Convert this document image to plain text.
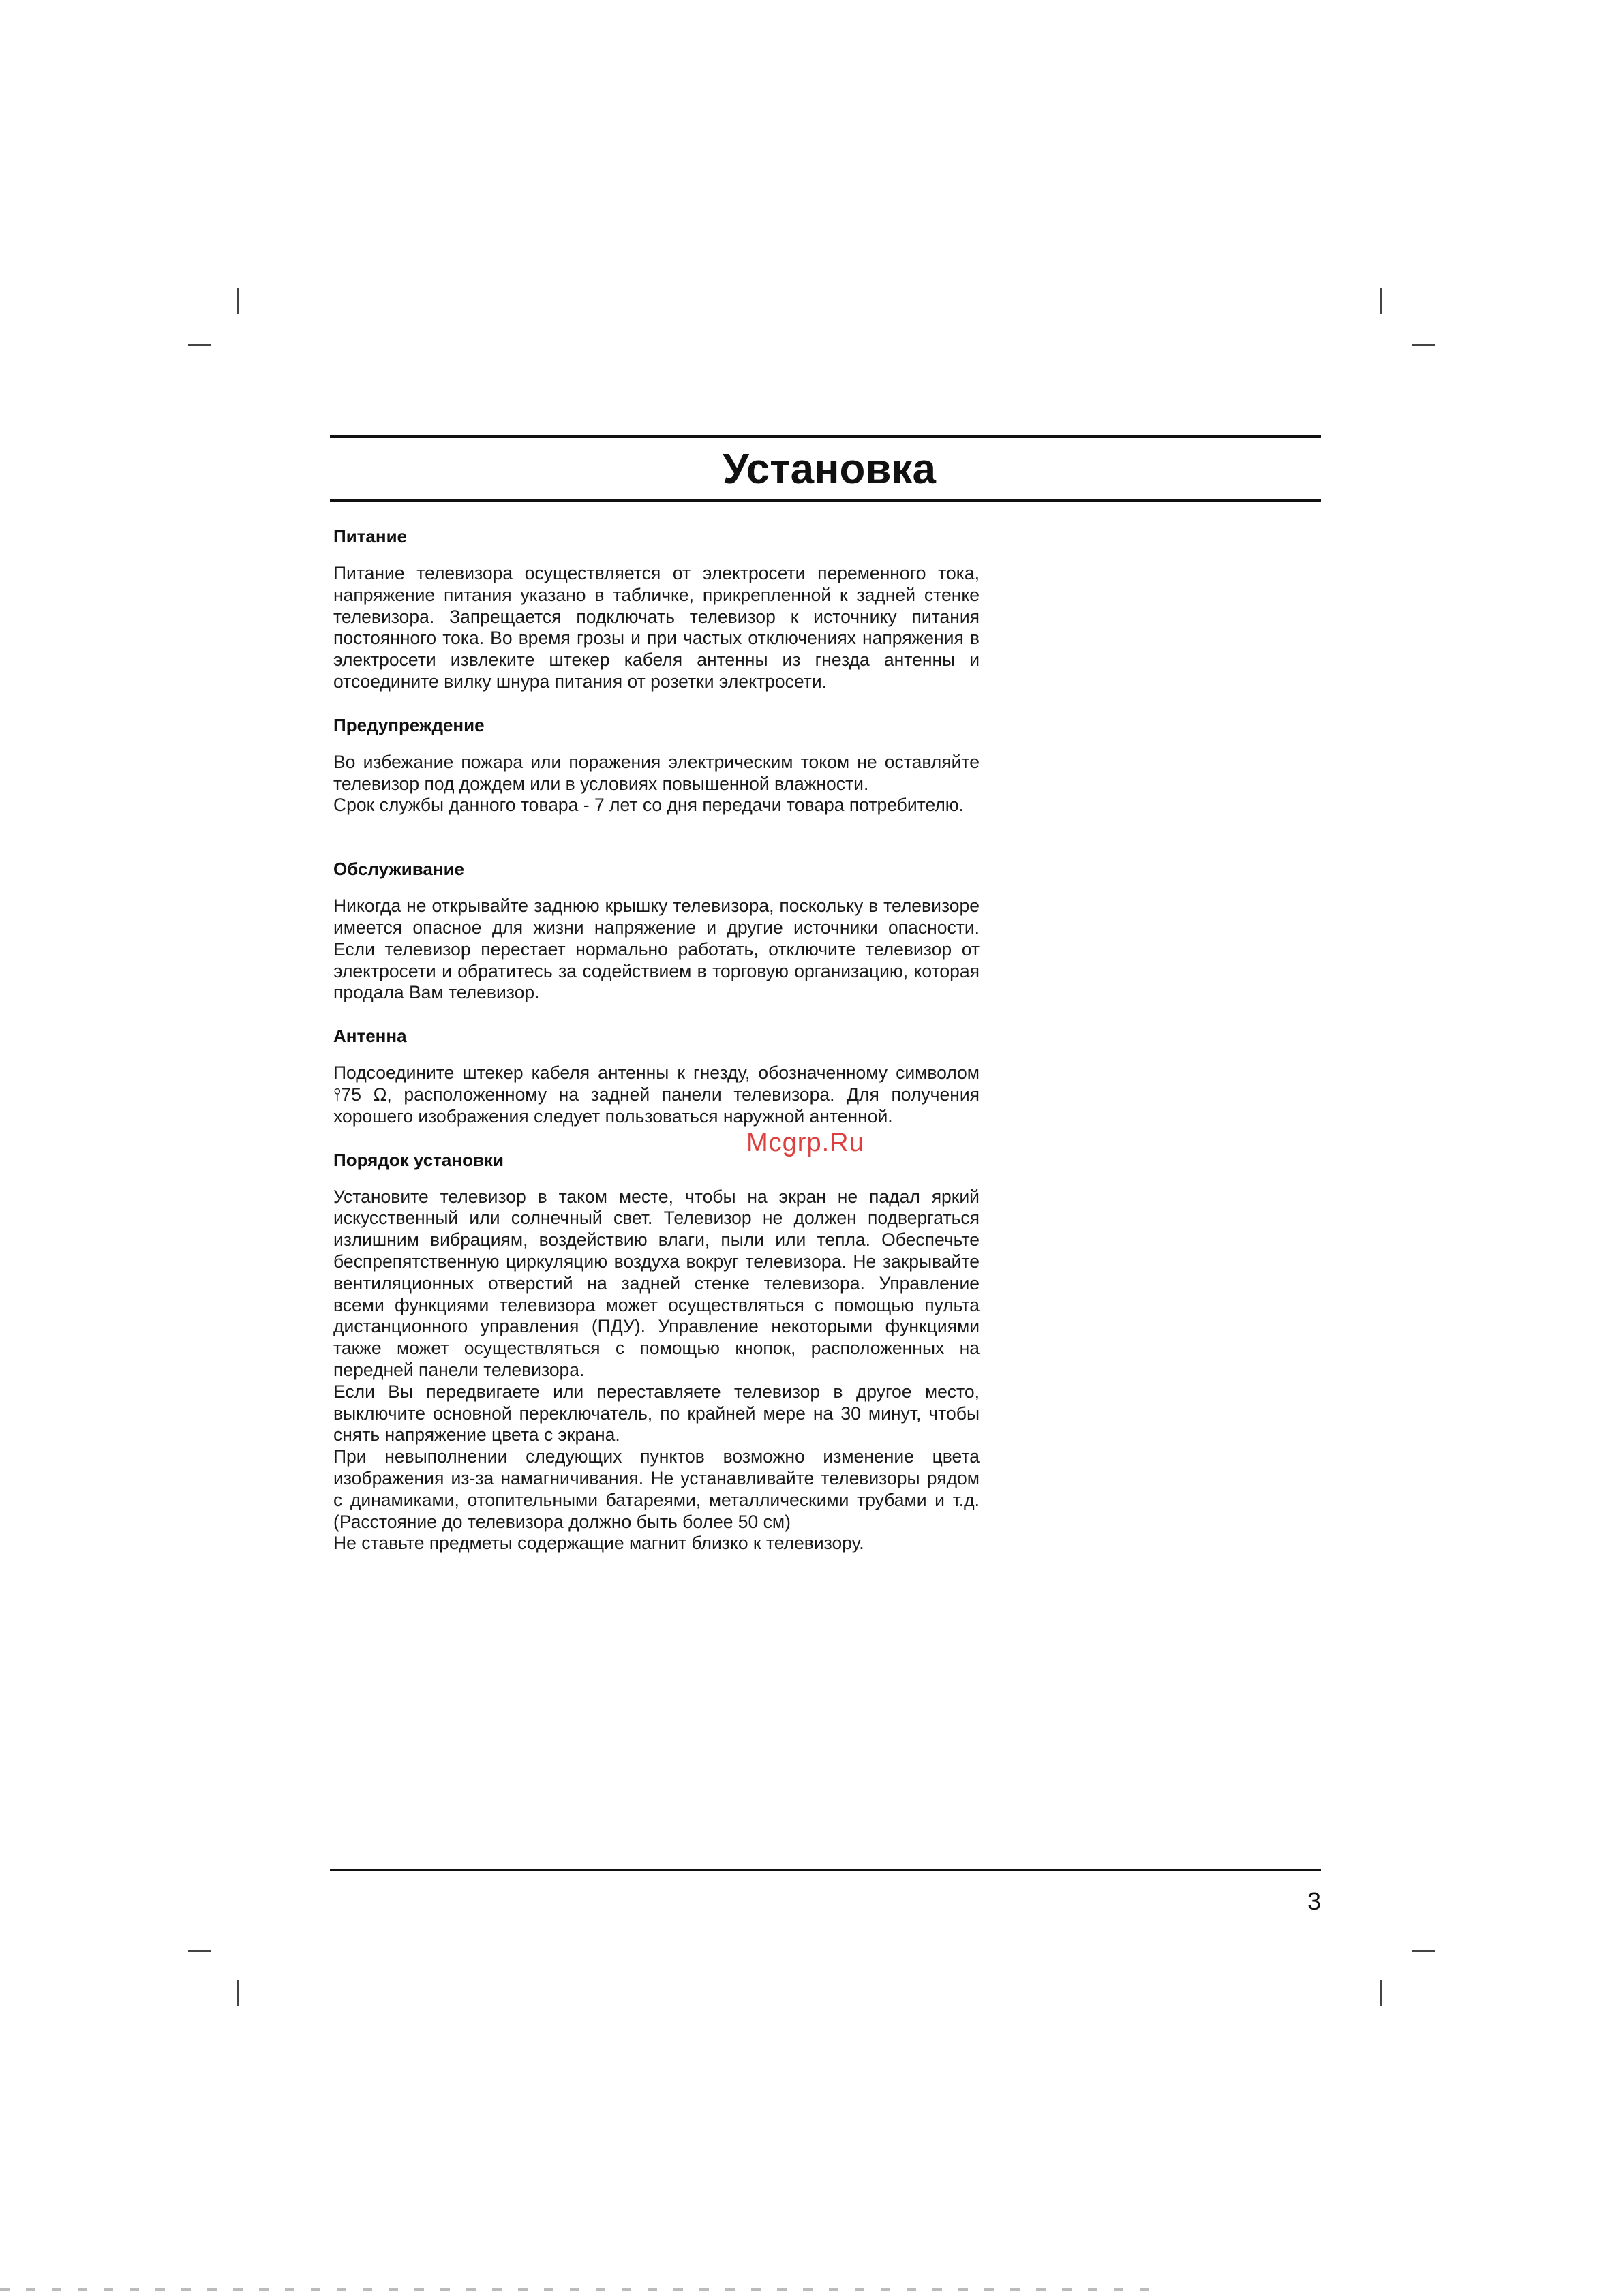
Установка
Питание

Питание телевизора осуществляется от электросети переменного тока, напряжение питания указано в табличке, прикрепленной к задней стенке телевизора. Запрещается подключать телевизор к источнику питания постоянного тока. Во время грозы и при частых отключениях напряжения в электросети извлеките штекер кабеля антенны из гнезда антенны и отсоедините вилку шнура питания от розетки электросети.

Предупреждение

Во избежание пожара или поражения электрическим током не оставляйте телевизор под дождем или в условиях повышенной влажности.

Срок службы данного товара - 7 лет со дня передачи товара потребителю.

Обслуживание

Никогда не открывайте заднюю крышку телевизора, поскольку в телевизоре имеется опасное для жизни напряжение и другие источники опасности. Если телевизор перестает нормально работать, отключите телевизор от электросети и обратитесь за содействием в торговую организацию, которая продала Вам телевизор.

Антенна

Подсоедините штекер кабеля антенны к гнезду, обозначенному символом ⫯75 Ω, расположенному на задней панели телевизора. Для получения хорошего изображения следует пользоваться наружной антенной.

Порядок установки

Установите телевизор в таком месте, чтобы на экран не падал яркий искусственный или солнечный свет. Телевизор не должен подвергаться излишним вибрациям, воздействию влаги, пыли или тепла. Обеспечьте беспрепятственную циркуляцию воздуха вокруг телевизора. Не закрывайте вентиляционных отверстий на задней стенке телевизора. Управление всеми функциями телевизора может осуществляться с помощью пульта дистанционного управления (ПДУ). Управление некоторыми функциями также может осуществляться с помощью кнопок, расположенных на передней панели телевизора.

Если Вы передвигаете или переставляете телевизор в другое место, выключите основной переключатель, по крайней мере на 30 минут, чтобы снять напряжение цвета с экрана.

При невыполнении следующих пунктов возможно изменение цвета изображения из-за намагничивания. Не устанавливайте телевизоры рядом с динамиками, отопительными батареями, металлическими трубами и т.д. (Расстояние до телевизора должно быть более 50 см)

Не ставьте предметы содержащие магнит близко к телевизору.

Mcgrp.Ru
3
